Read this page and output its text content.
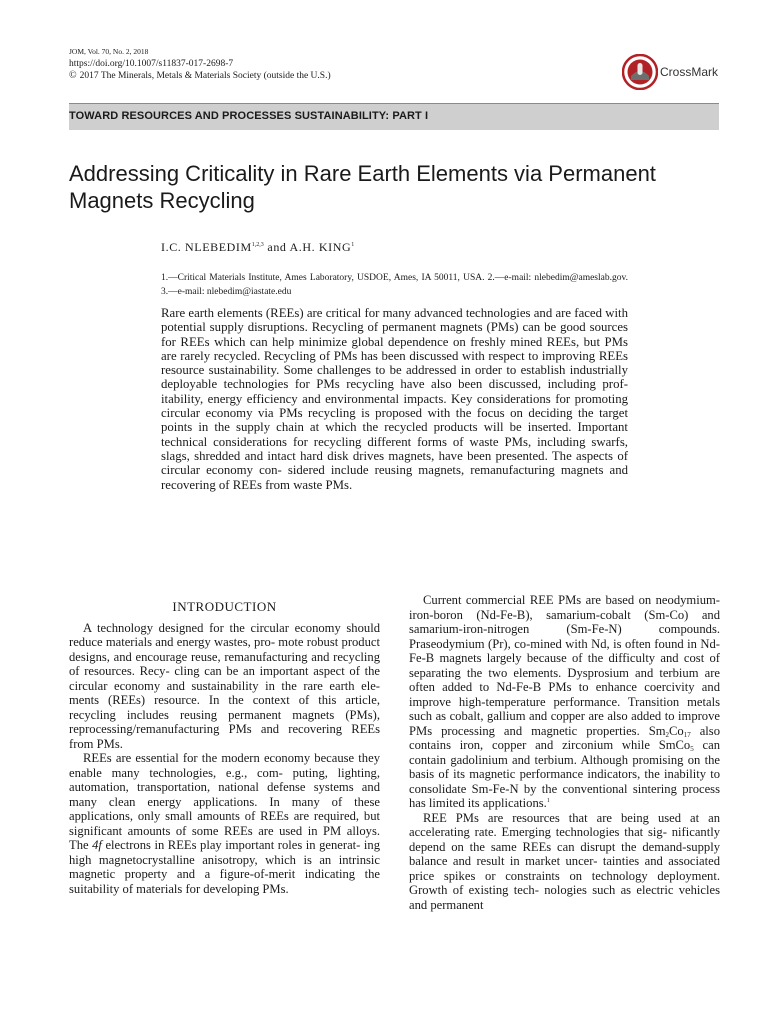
JOM, Vol. 70, No. 2, 2018
https://doi.org/10.1007/s11837-017-2698-7
© 2017 The Minerals, Metals & Materials Society (outside the U.S.)	CrossMark
TOWARD RESOURCES AND PROCESSES SUSTAINABILITY: PART I
Addressing Criticality in Rare Earth Elements via Permanent Magnets Recycling
I.C. NLEBEDIM$^{1,2,3}$ and A.H. KING$^1$
1.—Critical Materials Institute, Ames Laboratory, USDOE, Ames, IA 50011, USA. 2.—e-mail: nlebedim@ameslab.gov. 3.—e-mail: nlebedim@iastate.edu

Rare earth elements (REEs) are critical for many advanced technologies and are faced with potential supply disruptions. Recycling of permanent magnets (PMs) can be good sources for REEs which can help minimize global dependence on freshly mined REEs, but PMs are rarely recycled. Recycling of PMs has been discussed with respect to improving REEs resource sustainability. Some challenges to be addressed in order to establish industrially deployable technologies for PMs recycling have also been discussed, including prof- itability, energy efficiency and environmental impacts. Key considerations for promoting circular economy via PMs recycling is proposed with the focus on deciding the target points in the supply chain at which the recycled products will be inserted. Important technical considerations for recycling different forms of waste PMs, including swarfs, slags, shredded and intact hard disk drives magnets, have been presented. The aspects of circular economy con- sidered include reusing magnets, remanufacturing magnets and recovering of REEs from waste PMs.

INTRODUCTION

A technology designed for the circular economy should reduce materials and energy wastes, pro- mote robust product designs, and encourage reuse, remanufacturing and recycling of resources. Recy- cling can be an important aspect of the circular economy and sustainability in the rare earth ele- ments (REEs) resource. In the context of this article, recycling includes reusing permanent magnets (PMs), reprocessing/remanufacturing PMs and recovering REEs from PMs.

REEs are essential for the modern economy because they enable many technologies, e.g., com- puting, lighting, automation, transportation, national defense systems and many clean energy applications. In many of these applications, only small amounts of REEs are required, but significant amounts of some REEs are used in PM alloys. The 4f electrons in REEs play important roles in generat- ing high magnetocrystalline anisotropy, which is an intrinsic magnetic property and a figure-of-merit indicating the suitability of materials for developing PMs.

Current commercial REE PMs are based on neodymium-iron-boron (Nd-Fe-B), samarium-cobalt (Sm-Co) and samarium-iron-nitrogen (Sm-Fe-N) compounds. Praseodymium (Pr), co-mined with Nd, is often found in Nd-Fe-B magnets largely because of the difficulty and cost of separating the two elements. Dysprosium and terbium are often added to Nd-Fe-B PMs to enhance coercivity and improve high-temperature performance. Transition metals such as cobalt, gallium and copper are also added to improve PMs processing and magnetic properties. $Sm_2Co_{17}$ also contains iron, copper and zirconium while SmCo$_5$ can contain gadolinium and terbium. Although promising on the basis of its magnetic performance indicators, the inability to consolidate Sm-Fe-N by the conventional sintering process has limited its applications.$^1$

REE PMs are resources that are being used at an accelerating rate. Emerging technologies that sig- nificantly depend on the same REEs can disrupt the demand-supply balance and result in market uncer- tainties and associated price spikes or constraints on technology deployment. Growth of existing tech- nologies such as electric vehicles and permanent
